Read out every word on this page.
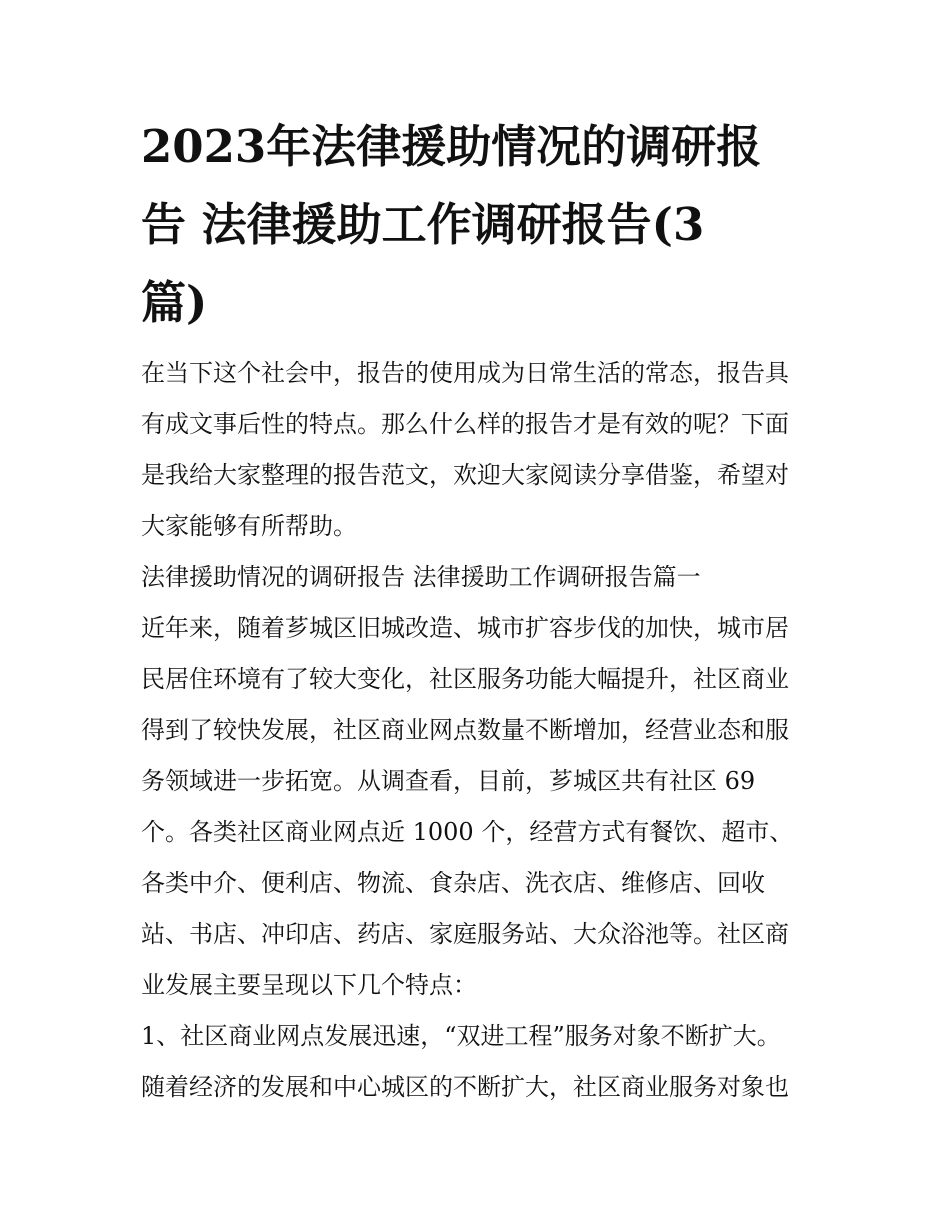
2023年法律援助情况的调研报
告 法律援助工作调研报告(3
篇)
在当下这个社会中，报告的使用成为日常生活的常态，报告具
有成文事后性的特点。那么什么样的报告才是有效的呢？下面
是我给大家整理的报告范文，欢迎大家阅读分享借鉴，希望对
大家能够有所帮助。
法律援助情况的调研报告 法律援助工作调研报告篇一
近年来，随着芗城区旧城改造、城市扩容步伐的加快，城市居
民居住环境有了较大变化，社区服务功能大幅提升，社区商业
得到了较快发展，社区商业网点数量不断增加，经营业态和服
务领域进一步拓宽。从调查看，目前，芗城区共有社区 69
个。各类社区商业网点近 1000 个，经营方式有餐饮、超市、
各类中介、便利店、物流、食杂店、洗衣店、维修店、回收
站、书店、冲印店、药店、家庭服务站、大众浴池等。社区商
业发展主要呈现以下几个特点：
1、社区商业网点发展迅速，“双进工程”服务对象不断扩大。
随着经济的发展和中心城区的不断扩大，社区商业服务对象也
